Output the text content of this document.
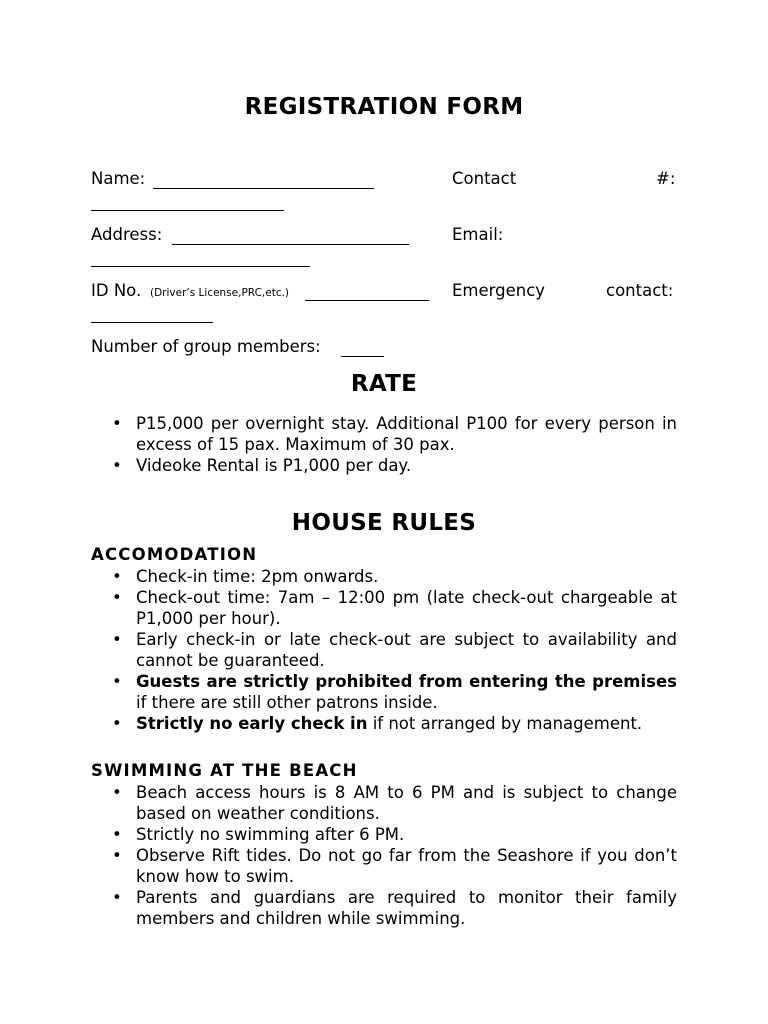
REGISTRATION FORM
Name:	Contact	#:
Address:	Email:
ID No. (Driver’s License,PRC,etc.)	Emergency	contact:
Number of group members:
RATE
• P15,000 per overnight stay. Additional P100 for every person in excess of 15 pax. Maximum of 30 pax.
• Videoke Rental is P1,000 per day.
HOUSE RULES
ACCOMODATION
• Check-in time: 2pm onwards.
• Check-out time: 7am – 12:00 pm (late check-out chargeable at P1,000 per hour).
• Early check-in or late check-out are subject to availability and cannot be guaranteed.
• Guests are strictly prohibited from entering the premises if there are still other patrons inside.
• Strictly no early check in if not arranged by management.
SWIMMING AT THE BEACH
• Beach access hours is 8 AM to 6 PM and is subject to change based on weather conditions.
• Strictly no swimming after 6 PM.
• Observe Rift tides. Do not go far from the Seashore if you don’t know how to swim.
• Parents and guardians are required to monitor their family members and children while swimming.
